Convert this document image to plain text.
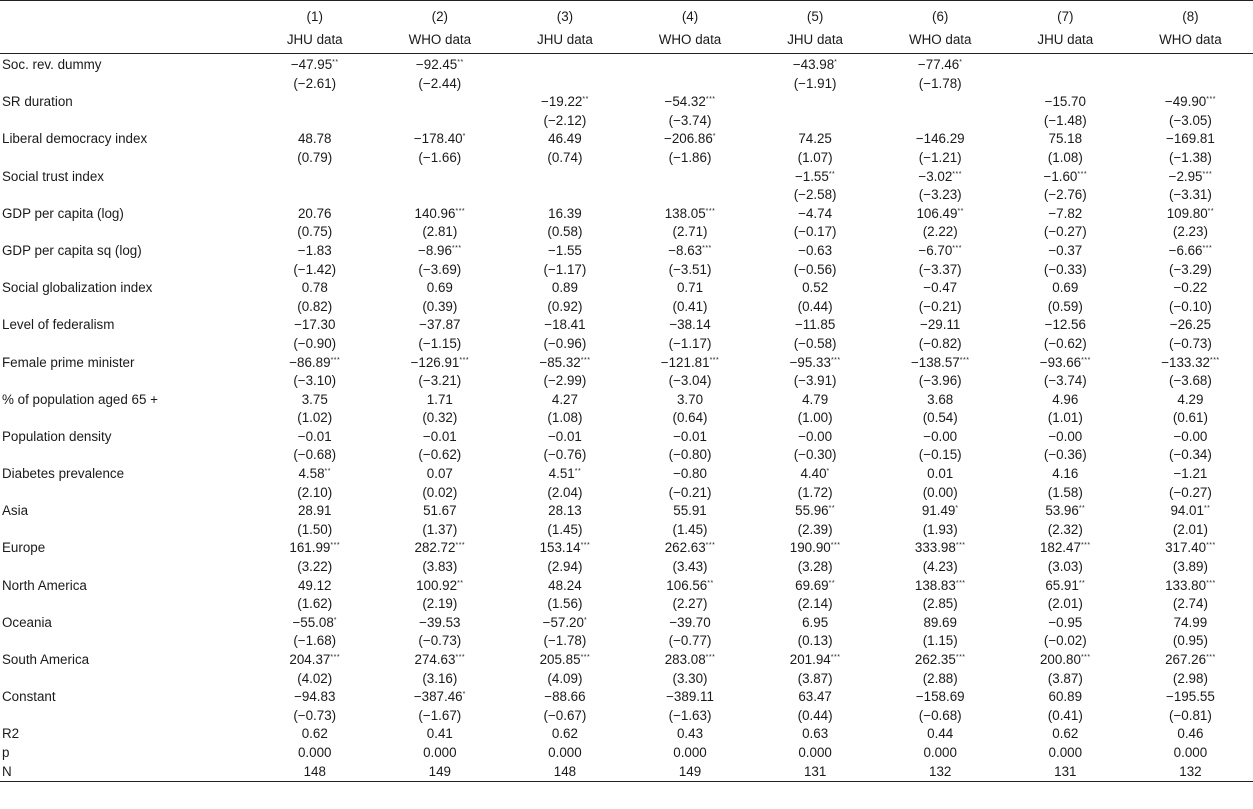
	(1)	(2)	(3)	(4)	(5)	(6)	(7)	(8)
	JHU data	WHO data	JHU data	WHO data	JHU data	WHO data	JHU data	WHO data
Soc. rev. dummy	−47.95**	−92.45**			−43.98*	−77.46*		
	(−2.61)	(−2.44)			(−1.91)	(−1.78)		
SR duration			−19.22**	−54.32***			−15.70	−49.90***
			(−2.12)	(−3.74)			(−1.48)	(−3.05)
Liberal democracy index	48.78	−178.40*	46.49	−206.86*	74.25	−146.29	75.18	−169.81
	(0.79)	(−1.66)	(0.74)	(−1.86)	(1.07)	(−1.21)	(1.08)	(−1.38)
Social trust index					−1.55**	−3.02***	−1.60***	−2.95***
					(−2.58)	(−3.23)	(−2.76)	(−3.31)
GDP per capita (log)	20.76	140.96***	16.39	138.05***	−4.74	106.49**	−7.82	109.80**
	(0.75)	(2.81)	(0.58)	(2.71)	(−0.17)	(2.22)	(−0.27)	(2.23)
GDP per capita sq (log)	−1.83	−8.96***	−1.55	−8.63***	−0.63	−6.70***	−0.37	−6.66***
	(−1.42)	(−3.69)	(−1.17)	(−3.51)	(−0.56)	(−3.37)	(−0.33)	(−3.29)
Social globalization index	0.78	0.69	0.89	0.71	0.52	−0.47	0.69	−0.22
	(0.82)	(0.39)	(0.92)	(0.41)	(0.44)	(−0.21)	(0.59)	(−0.10)
Level of federalism	−17.30	−37.87	−18.41	−38.14	−11.85	−29.11	−12.56	−26.25
	(−0.90)	(−1.15)	(−0.96)	(−1.17)	(−0.58)	(−0.82)	(−0.62)	(−0.73)
Female prime minister	−86.89***	−126.91***	−85.32***	−121.81***	−95.33***	−138.57***	−93.66***	−133.32***
	(−3.10)	(−3.21)	(−2.99)	(−3.04)	(−3.91)	(−3.96)	(−3.74)	(−3.68)
% of population aged 65 +	3.75	1.71	4.27	3.70	4.79	3.68	4.96	4.29
	(1.02)	(0.32)	(1.08)	(0.64)	(1.00)	(0.54)	(1.01)	(0.61)
Population density	−0.01	−0.01	−0.01	−0.01	−0.00	−0.00	−0.00	−0.00
	(−0.68)	(−0.62)	(−0.76)	(−0.80)	(−0.30)	(−0.15)	(−0.36)	(−0.34)
Diabetes prevalence	4.58**	0.07	4.51**	−0.80	4.40*	0.01	4.16	−1.21
	(2.10)	(0.02)	(2.04)	(−0.21)	(1.72)	(0.00)	(1.58)	(−0.27)
Asia	28.91	51.67	28.13	55.91	55.96**	91.49*	53.96**	94.01**
	(1.50)	(1.37)	(1.45)	(1.45)	(2.39)	(1.93)	(2.32)	(2.01)
Europe	161.99***	282.72***	153.14***	262.63***	190.90***	333.98***	182.47***	317.40***
	(3.22)	(3.83)	(2.94)	(3.43)	(3.28)	(4.23)	(3.03)	(3.89)
North America	49.12	100.92**	48.24	106.56**	69.69**	138.83***	65.91**	133.80***
	(1.62)	(2.19)	(1.56)	(2.27)	(2.14)	(2.85)	(2.01)	(2.74)
Oceania	−55.08*	−39.53	−57.20*	−39.70	6.95	89.69	−0.95	74.99
	(−1.68)	(−0.73)	(−1.78)	(−0.77)	(0.13)	(1.15)	(−0.02)	(0.95)
South America	204.37***	274.63***	205.85***	283.08***	201.94***	262.35***	200.80***	267.26***
	(4.02)	(3.16)	(4.09)	(3.30)	(3.87)	(2.88)	(3.87)	(2.98)
Constant	−94.83	−387.46*	−88.66	−389.11	63.47	−158.69	60.89	−195.55
	(−0.73)	(−1.67)	(−0.67)	(−1.63)	(0.44)	(−0.68)	(0.41)	(−0.81)
R2	0.62	0.41	0.62	0.43	0.63	0.44	0.62	0.46
p	0.000	0.000	0.000	0.000	0.000	0.000	0.000	0.000
N	148	149	148	149	131	132	131	132
